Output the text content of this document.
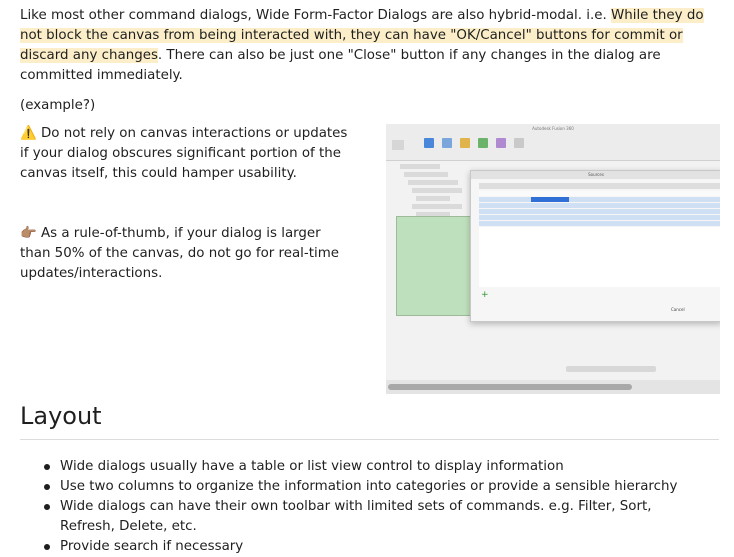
Like most other command dialogs, Wide Form-Factor Dialogs are also hybrid-modal. i.e. While they do not block the canvas from being interacted with, they can have "OK/Cancel" buttons for commit or discard any changes. There can also be just one "Close" button if any changes in the dialog are committed immediately.

(example?)

⚠️ Do not rely on canvas interactions or updates if your dialog obscures significant portion of the canvas itself, this could hamper usability.

👉🏽 As a rule-of-thumb, if your dialog is larger than 50% of the canvas, do not go for real-time updates/interactions.

Autodesk Fusion 360
Sources
+
Cancel
Layout
Wide dialogs usually have a table or list view control to display information
Use two columns to organize the information into categories or provide a sensible hierarchy
Wide dialogs can have their own toolbar with limited sets of commands. e.g. Filter, Sort, Refresh, Delete, etc.
Provide search if necessary
